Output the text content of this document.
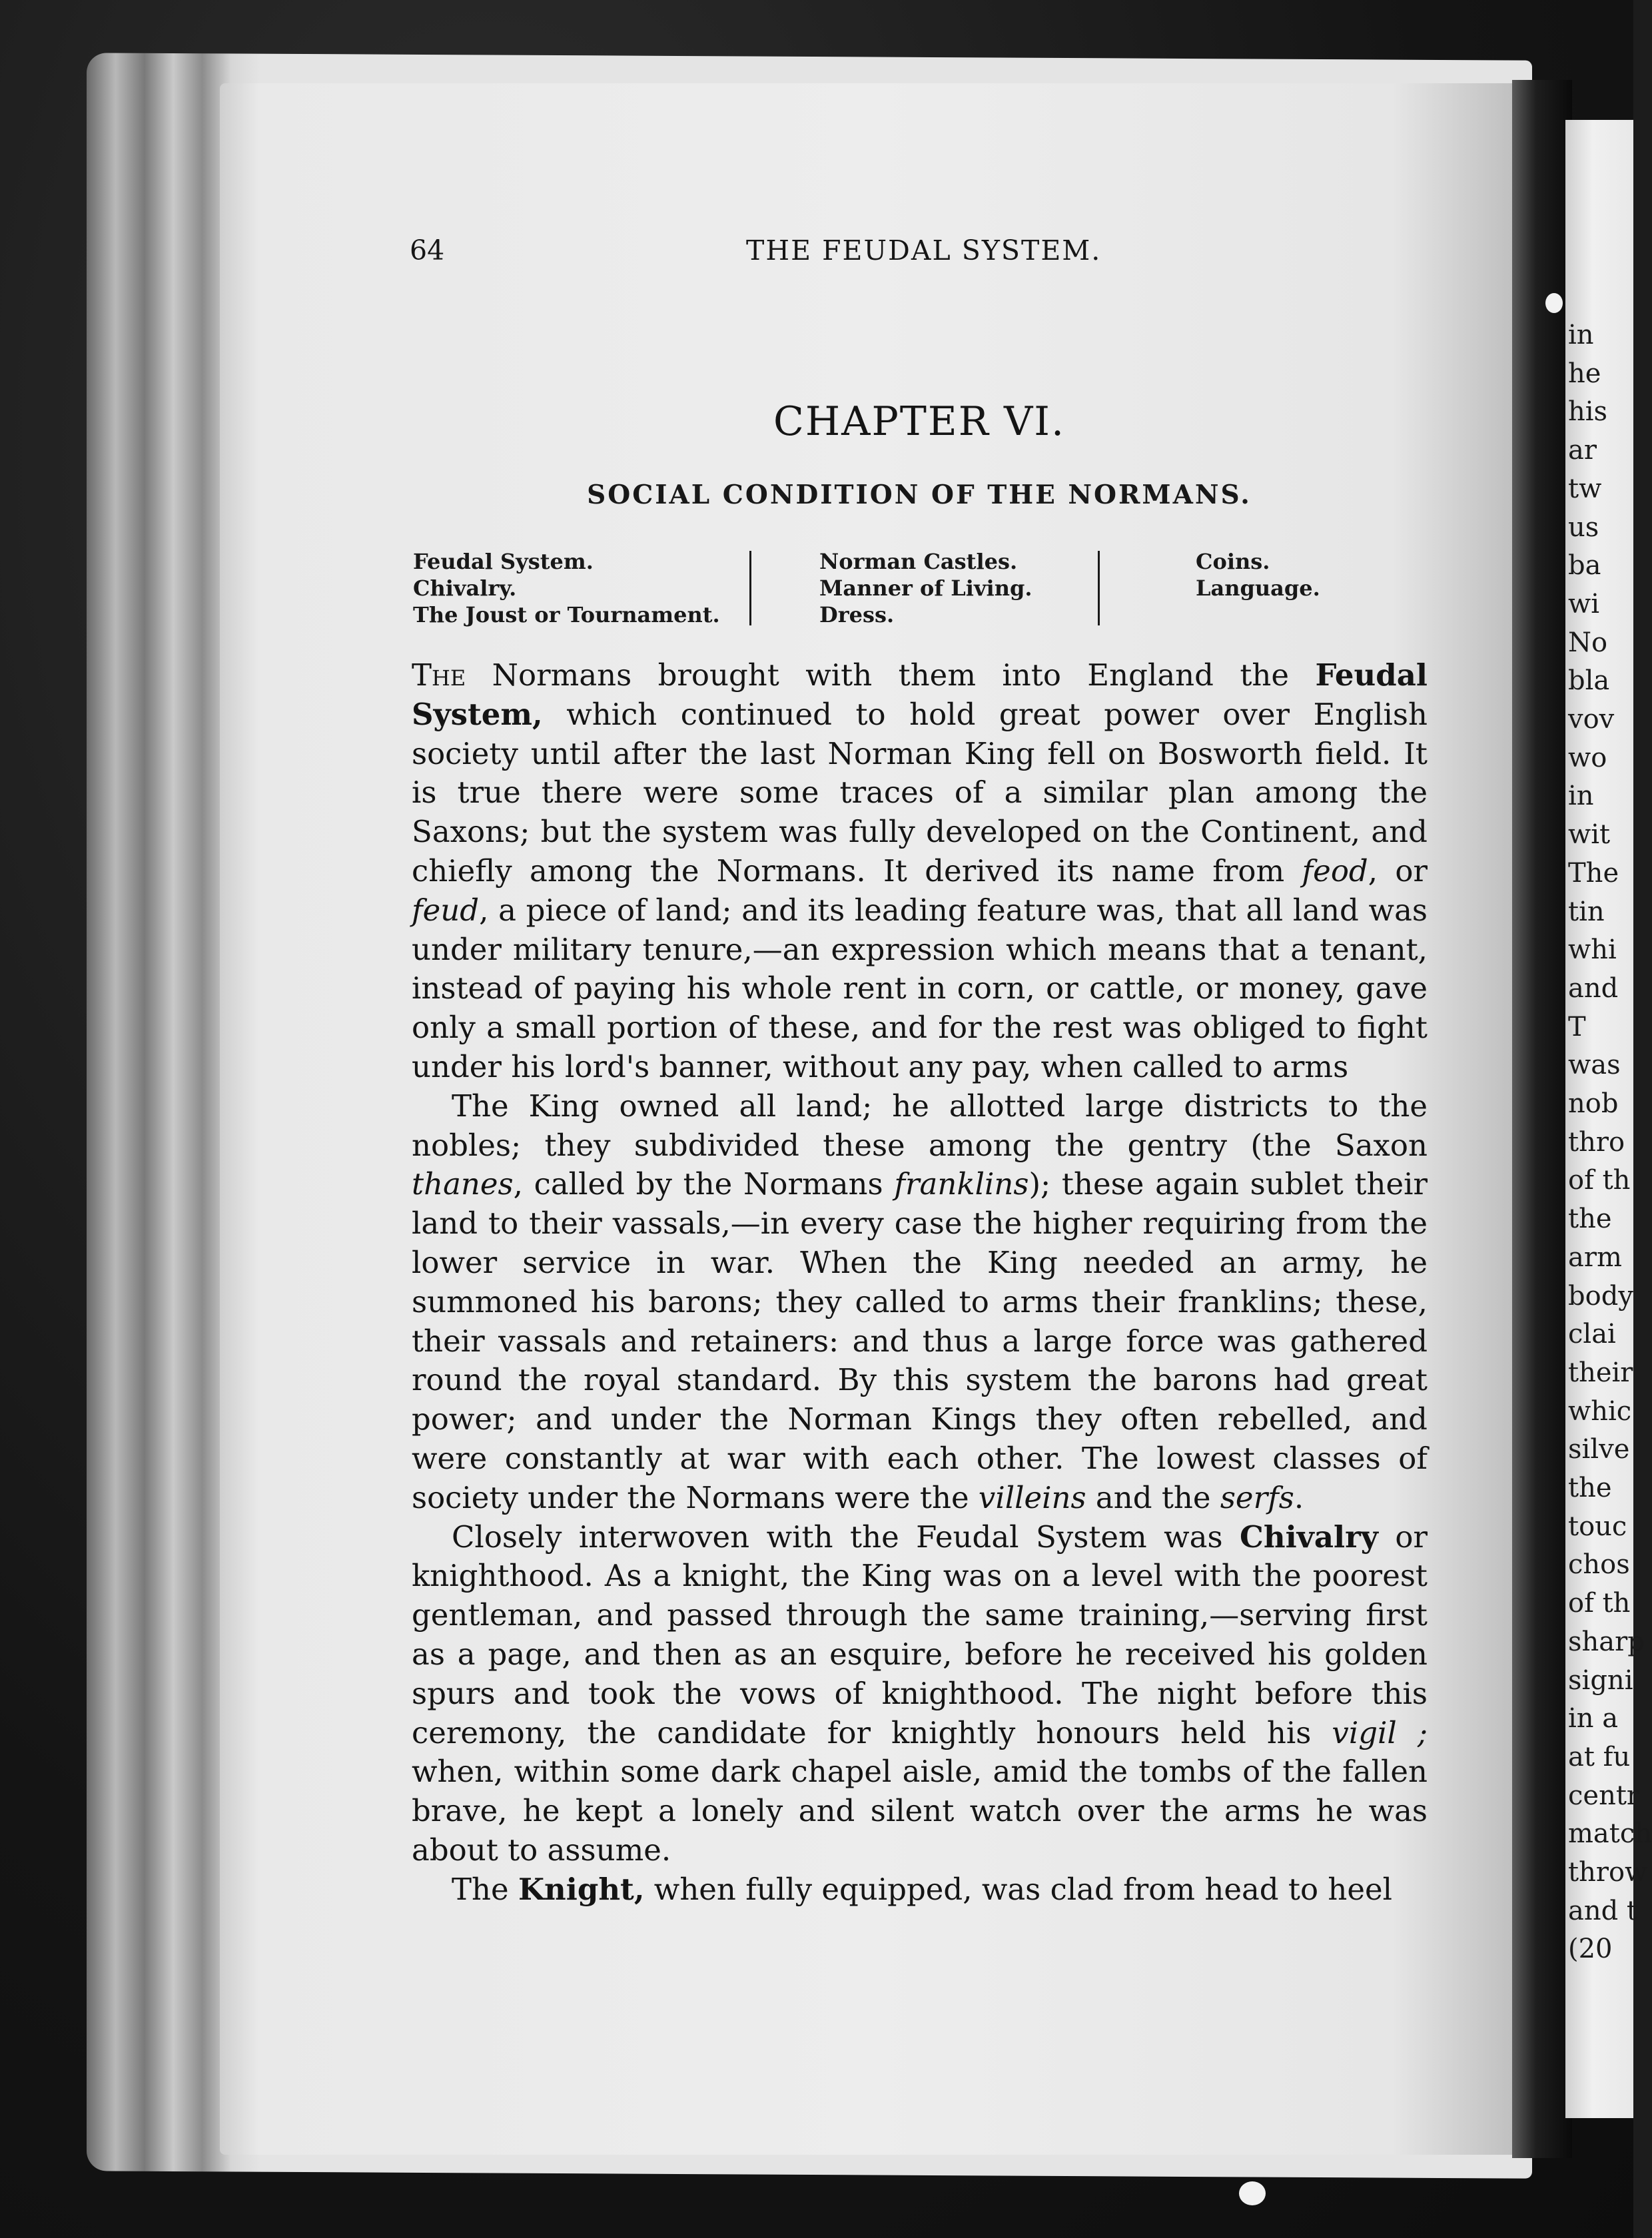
in
he
his
ar
tw
us
ba
wi
No
bla
vov
wo
in
wit
The
tin
whi
and
T
was
nob
thro
of th
the
arm
body
clai
their
whic
silve
the
touc
chos
of th
sharp
signi
in a
at fu
centr
match
throw
and t
(20
64	THE FEUDAL SYSTEM.
CHAPTER VI.
SOCIAL CONDITION OF THE NORMANS.
Feudal System.
Chivalry.
The Joust or Tournament.
Norman Castles.
Manner of Living.
Dress.
Coins.
Language.

The Normans brought with them into England the Feudal System, which continued to hold great power over English society until after the last Norman King fell on Bosworth field. It is true there were some traces of a similar plan among the Saxons; but the system was fully developed on the Continent, and chiefly among the Normans. It derived its name from feod, or feud, a piece of land; and its leading feature was, that all land was under military tenure,—an expression which means that a tenant, instead of paying his whole rent in corn, or cattle, or money, gave only a small portion of these, and for the rest was obliged to fight under his lord's banner, without any pay, when called to arms

The King owned all land; he allotted large districts to the nobles; they subdivided these among the gentry (the Saxon thanes, called by the Normans franklins); these again sublet their land to their vassals,—in every case the higher requiring from the lower service in war. When the King needed an army, he summoned his barons; they called to arms their franklins; these, their vassals and retainers: and thus a large force was gathered round the royal standard. By this system the barons had great power; and under the Norman Kings they often rebelled, and were constantly at war with each other. The lowest classes of society under the Normans were the villeins and the serfs.

Closely interwoven with the Feudal System was Chivalry or knighthood. As a knight, the King was on a level with the poorest gentleman, and passed through the same training,—serving first as a page, and then as an esquire, before he received his golden spurs and took the vows of knighthood. The night before this ceremony, the candidate for knightly honours held his vigil ; when, within some dark chapel aisle, amid the tombs of the fallen brave, he kept a lonely and silent watch over the arms he was about to assume.

The Knight, when fully equipped, was clad from head to heel
